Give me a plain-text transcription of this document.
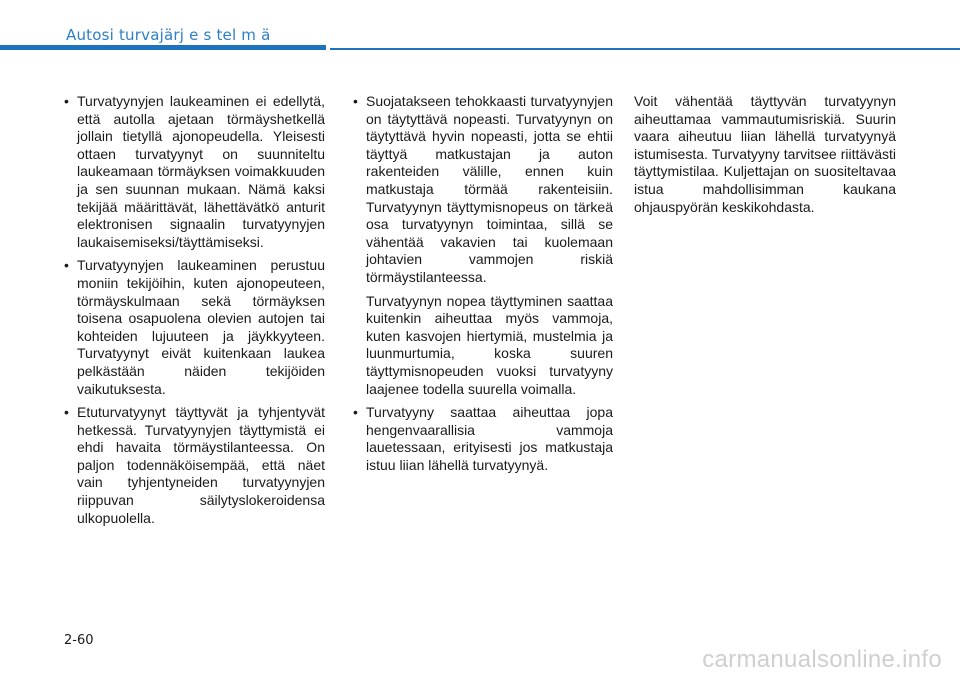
Autosi turvajärj e s tel m ä

• Turvatyynyjen laukeaminen ei edellytä, että autolla ajetaan törmäyshetkellä jollain tietyllä ajonopeudella. Yleisesti ottaen turvatyynyt on suunniteltu laukeamaan törmäyksen voimakkuuden ja sen suunnan mukaan. Nämä kaksi tekijää määrittävät, lähettävätkö anturit elektronisen signaalin turvatyynyjen laukaisemiseksi/täyttämiseksi.

• Turvatyynyjen laukeaminen perustuu moniin tekijöihin, kuten ajonopeuteen, törmäyskulmaan sekä törmäyksen toisena osapuolena olevien autojen tai kohteiden lujuuteen ja jäykkyyteen. Turvatyynyt eivät kuitenkaan laukea pelkästään näiden tekijöiden vaikutuksesta.

• Etuturvatyynyt täyttyvät ja tyhjentyvät hetkessä. Turvatyynyjen täyttymistä ei ehdi havaita törmäystilanteessa. On paljon todennäköisempää, että näet vain tyhjentyneiden turvatyynyjen riippuvan säilytyslokeroidensa ulkopuolella.

• Suojatakseen tehokkaasti turvatyynyjen on täytyttävä nopeasti. Turvatyynyn on täytyttävä hyvin nopeasti, jotta se ehtii täyttyä matkustajan ja auton rakenteiden välille, ennen kuin matkustaja törmää rakenteisiin. Turvatyynyn täyttymisnopeus on tärkeä osa turvatyynyn toimintaa, sillä se vähentää vakavien tai kuolemaan johtavien vammojen riskiä törmäystilanteessa.

Turvatyynyn nopea täyttyminen saattaa kuitenkin aiheuttaa myös vammoja, kuten kasvojen hiertymiä, mustelmia ja luunmurtumia, koska suuren täyttymisnopeuden vuoksi turvatyyny laajenee todella suurella voimalla.

• Turvatyyny saattaa aiheuttaa jopa hengenvaarallisia vammoja lauetessaan, erityisesti jos matkustaja istuu liian lähellä turvatyynyä.

Voit vähentää täyttyvän turvatyynyn aiheuttamaa vammautumisriskiä. Suurin vaara aiheutuu liian lähellä turvatyynyä istumisesta. Turvatyyny tarvitsee riittävästi täyttymistilaa. Kuljettajan on suositeltavaa istua mahdollisimman kaukana ohjauspyörän keskikohdasta.

2-60
carmanualsonline.info
